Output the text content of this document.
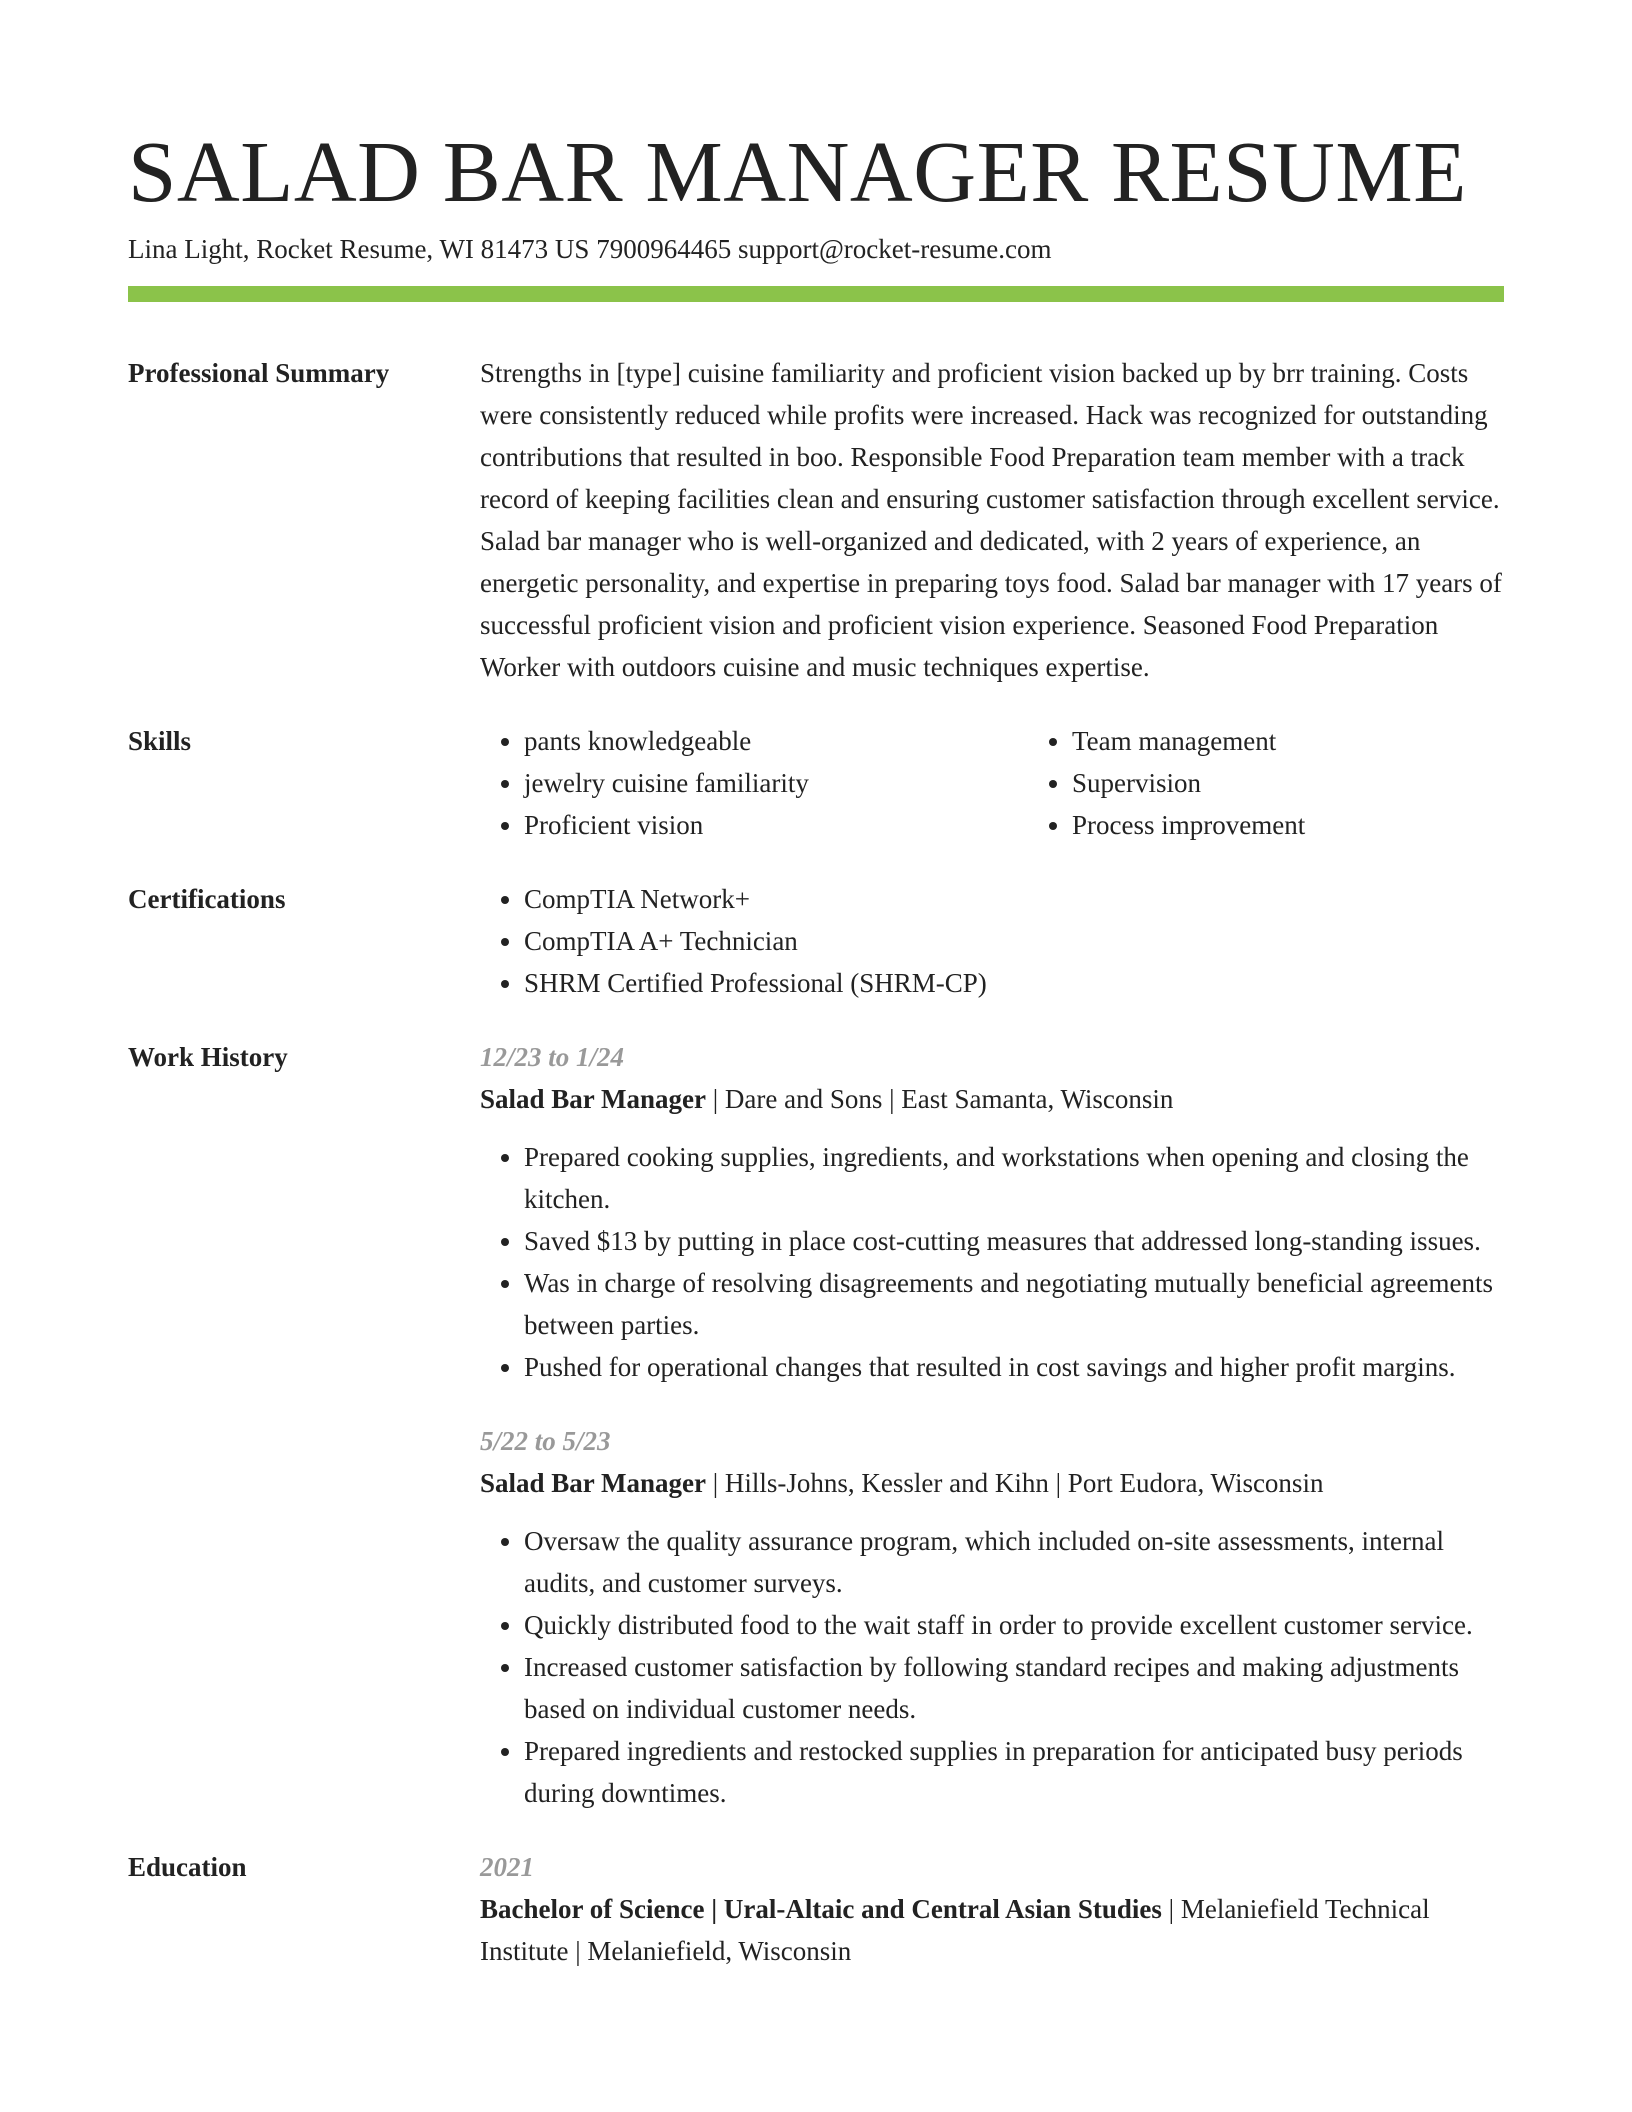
SALAD BAR MANAGER RESUME
Lina Light, Rocket Resume, WI 81473 US 7900964465 support@rocket-resume.com
Professional Summary	Strengths in [type] cuisine familiarity and proficient vision backed up by brr training. Costs were consistently reduced while profits were increased. Hack was recognized for outstanding contributions that resulted in boo. Responsible Food Preparation team member with a track record of keeping facilities clean and ensuring customer satisfaction through excellent service. Salad bar manager who is well-organized and dedicated, with 2 years of experience, an energetic personality, and expertise in preparing toys food. Salad bar manager with 17 years of successful proficient vision and proficient vision experience. Seasoned Food Preparation Worker with outdoors cuisine and music techniques expertise.

Skills	• pants knowledgeable
• jewelry cuisine familiarity
• Proficient vision
• Team management
• Supervision
• Process improvement
Certifications	• CompTIA Network+
• CompTIA A+ Technician
• SHRM Certified Professional (SHRM-CP)
Work History	12/23 to 1/24
Salad Bar Manager | Dare and Sons | East Samanta, Wisconsin
• Prepared cooking supplies, ingredients, and workstations when opening and closing the kitchen.
• Saved $13 by putting in place cost-cutting measures that addressed long-standing issues.
• Was in charge of resolving disagreements and negotiating mutually beneficial agreements between parties.
• Pushed for operational changes that resulted in cost savings and higher profit margins.
5/22 to 5/23
Salad Bar Manager | Hills-Johns, Kessler and Kihn | Port Eudora, Wisconsin
• Oversaw the quality assurance program, which included on-site assessments, internal audits, and customer surveys.
• Quickly distributed food to the wait staff in order to provide excellent customer service.
• Increased customer satisfaction by following standard recipes and making adjustments based on individual customer needs.
• Prepared ingredients and restocked supplies in preparation for anticipated busy periods during downtimes.
Education	2021
Bachelor of Science | Ural-Altaic and Central Asian Studies | Melaniefield Technical Institute | Melaniefield, Wisconsin
